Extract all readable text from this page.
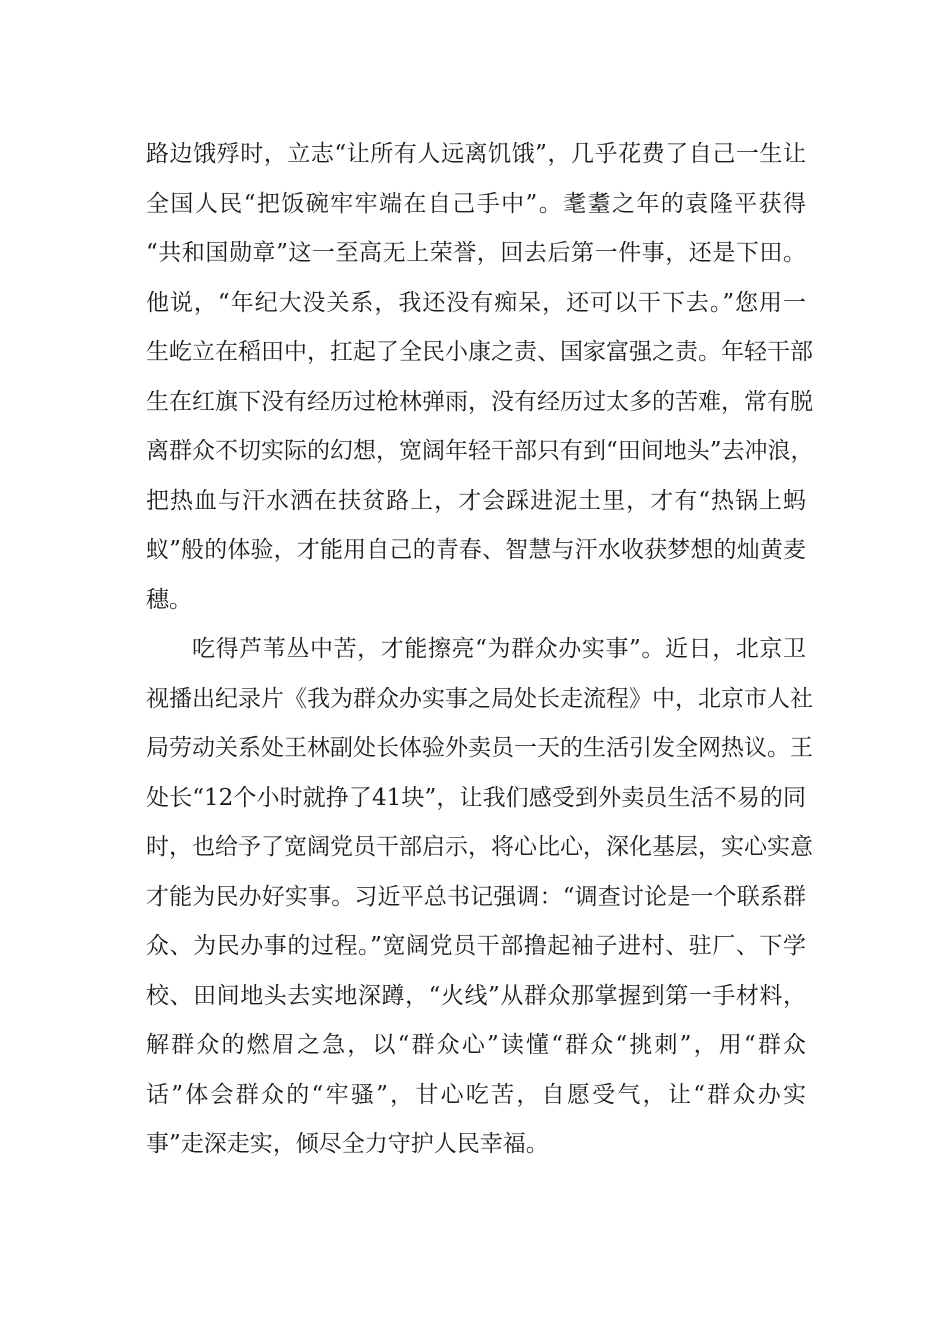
路边饿殍时，立志“让所有人远离饥饿”，几乎花费了自己一生让
全国人民“把饭碗牢牢端在自己手中”。耄耋之年的袁隆平获得
“共和国勋章”这一至高无上荣誉，回去后第一件事，还是下田。
他说，“年纪大没关系，我还没有痴呆，还可以干下去。”您用一
生屹立在稻田中，扛起了全民小康之责、国家富强之责。年轻干部
生在红旗下没有经历过枪林弹雨，没有经历过太多的苦难，常有脱
离群众不切实际的幻想，宽阔年轻干部只有到“田间地头”去冲浪，
把热血与汗水洒在扶贫路上，才会踩进泥土里，才有“热锅上蚂
蚁”般的体验，才能用自己的青春、智慧与汗水收获梦想的灿黄麦
穗。
吃得芦苇丛中苦，才能擦亮“为群众办实事”。近日，北京卫
视播出纪录片《我为群众办实事之局处长走流程》中，北京市人社
局劳动关系处王林副处长体验外卖员一天的生活引发全网热议。王
处长“12个小时就挣了41块”，让我们感受到外卖员生活不易的同
时，也给予了宽阔党员干部启示，将心比心，深化基层，实心实意
才能为民办好实事。习近平总书记强调：“调查讨论是一个联系群
众、为民办事的过程。”宽阔党员干部撸起袖子进村、驻厂、下学
校、田间地头去实地深蹲，“火线”从群众那掌握到第一手材料，
解群众的燃眉之急，以“群众心”读懂“群众“挑刺”，用“群众
话”体会群众的“牢骚”，甘心吃苦，自愿受气，让“群众办实
事”走深走实，倾尽全力守护人民幸福。
